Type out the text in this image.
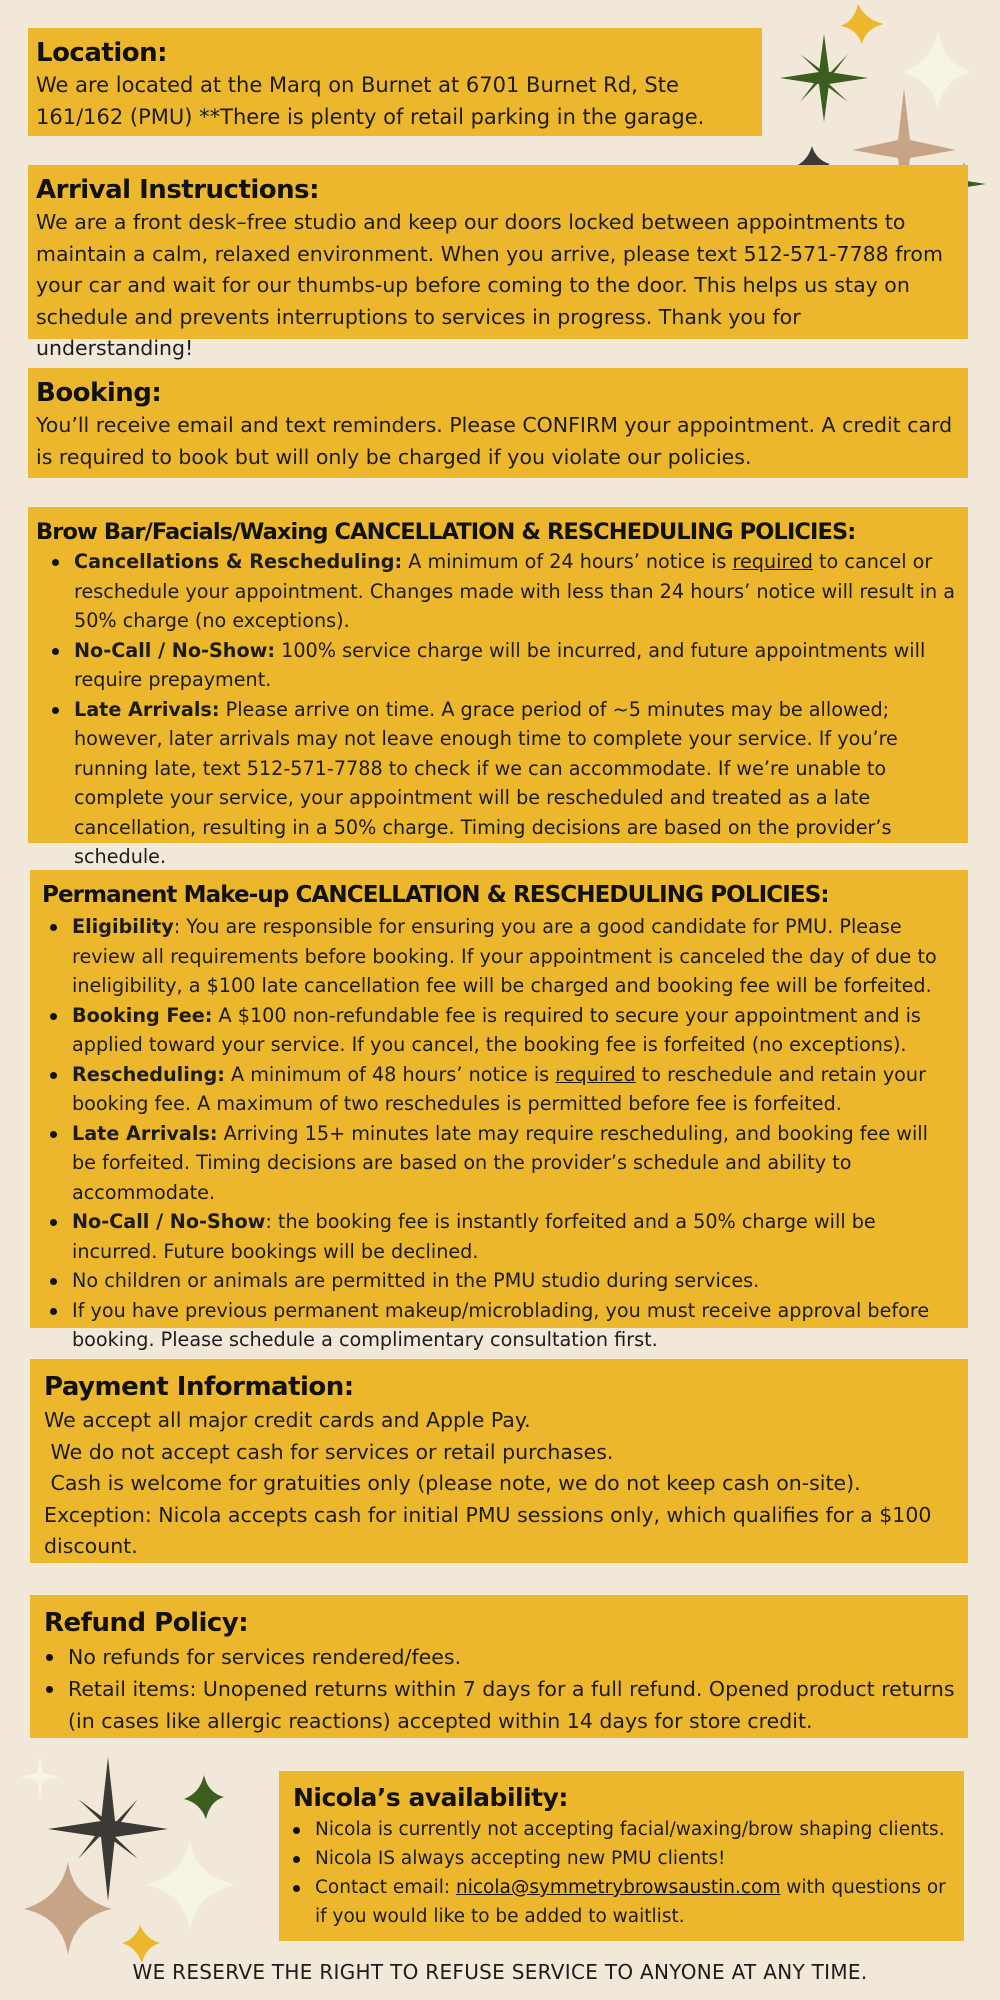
Location:

We are located at the Marq on Burnet at 6701 Burnet Rd, Ste

161/162 (PMU) **There is plenty of retail parking in the garage.

Arrival Instructions:

We are a front desk–free studio and keep our doors locked between appointments to maintain a calm, relaxed environment. When you arrive, please text 512-571-7788 from your car and wait for our thumbs-up before coming to the door. This helps us stay on schedule and prevents interruptions to services in progress. Thank you for understanding!

Booking:

You’ll receive email and text reminders. Please CONFIRM your appointment. A credit card is required to book but will only be charged if you violate our policies.

Brow Bar/Facials/Waxing CANCELLATION & RESCHEDULING POLICIES:
Cancellations & Rescheduling: A minimum of 24 hours’ notice is required to cancel or reschedule your appointment. Changes made with less than 24 hours’ notice will result in a 50% charge (no exceptions).
No-Call / No-Show: 100% service charge will be incurred, and future appointments will require prepayment.
Late Arrivals: Please arrive on time. A grace period of ~5 minutes may be allowed; however, later arrivals may not leave enough time to complete your service. If you’re running late, text 512-571-7788 to check if we can accommodate. If we’re unable to complete your service, your appointment will be rescheduled and treated as a late cancellation, resulting in a 50% charge. Timing decisions are based on the provider’s schedule.
Permanent Make-up CANCELLATION & RESCHEDULING POLICIES:
Eligibility: You are responsible for ensuring you are a good candidate for PMU. Please review all requirements before booking. If your appointment is canceled the day of due to ineligibility, a $100 late cancellation fee will be charged and booking fee will be forfeited.
Booking Fee: A $100 non-refundable fee is required to secure your appointment and is applied toward your service. If you cancel, the booking fee is forfeited (no exceptions).
Rescheduling: A minimum of 48 hours’ notice is required to reschedule and retain your booking fee. A maximum of two reschedules is permitted before fee is forfeited.
Late Arrivals: Arriving 15+ minutes late may require rescheduling, and booking fee will be forfeited. Timing decisions are based on the provider’s schedule and ability to accommodate.
No-Call / No-Show: the booking fee is instantly forfeited and a 50% charge will be incurred. Future bookings will be declined.
No children or animals are permitted in the PMU studio during services.
If you have previous permanent makeup/microblading, you must receive approval before booking. Please schedule a complimentary consultation first.
Payment Information:

We accept all major credit cards and Apple Pay.

We do not accept cash for services or retail purchases.

Cash is welcome for gratuities only (please note, we do not keep cash on-site).

Exception: Nicola accepts cash for initial PMU sessions only, which qualifies for a $100 discount.

Refund Policy:
No refunds for services rendered/fees.
Retail items: Unopened returns within 7 days for a full refund. Opened product returns (in cases like allergic reactions) accepted within 14 days for store credit.
Nicola’s availability:
Nicola is currently not accepting facial/waxing/brow shaping clients.
Nicola IS always accepting new PMU clients!
Contact email: nicola@symmetrybrowsaustin.com with questions or if you would like to be added to waitlist.
WE RESERVE THE RIGHT TO REFUSE SERVICE TO ANYONE AT ANY TIME.
